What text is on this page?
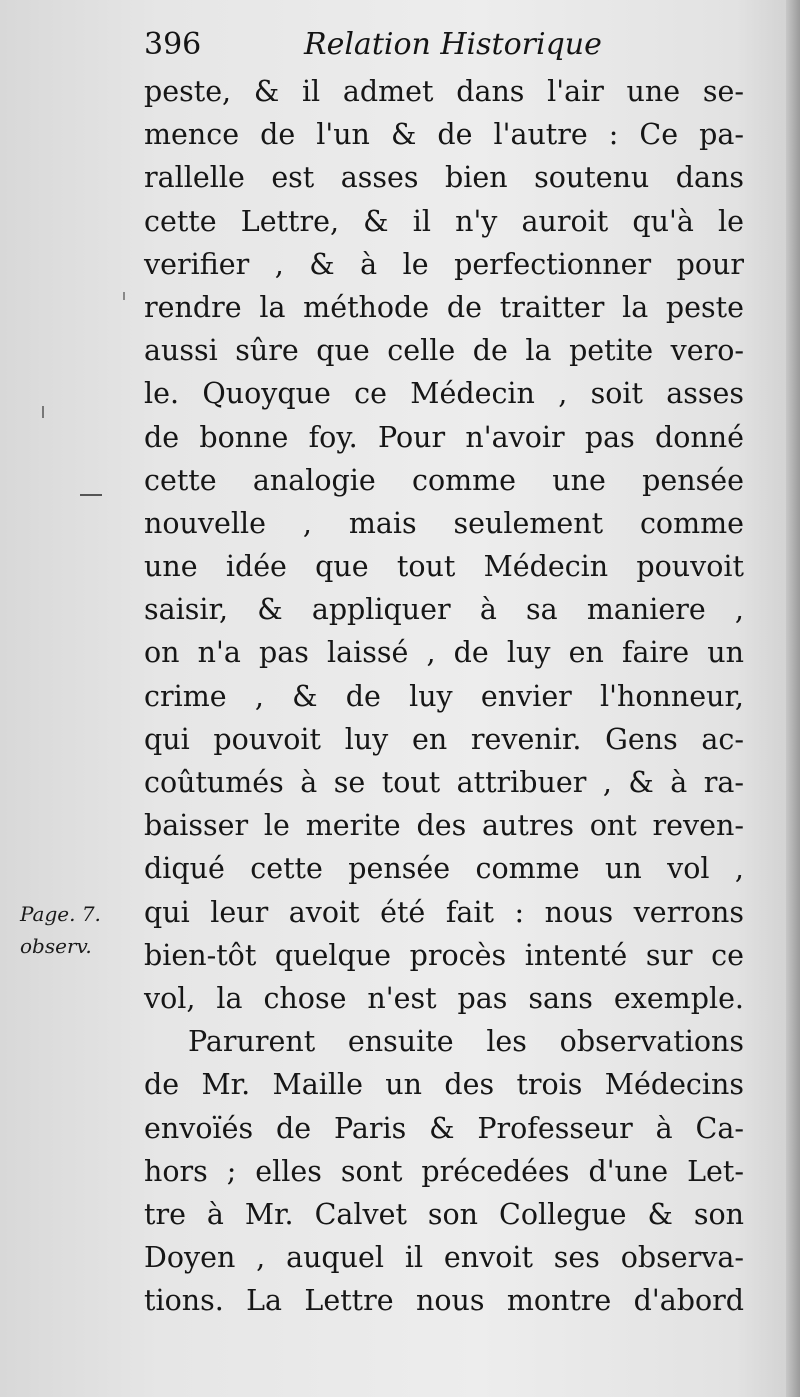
396	Relation Historique
Page. 7.
observ.
peste, & il admet dans l'air une se-
mence de l'un & de l'autre : Ce pa-
rallelle est asses bien soutenu dans
cette Lettre, & il n'y auroit qu'à le
verifier , & à le perfectionner pour
rendre la méthode de traitter la peste
aussi sûre que celle de la petite vero-
le. Quoyque ce Médecin , soit asses
de bonne foy. Pour n'avoir pas donné
cette analogie comme une pensée
nouvelle , mais seulement comme
une idée que tout Médecin pouvoit
saisir, & appliquer à sa maniere ,
on n'a pas laissé , de luy en faire un
crime , & de luy envier l'honneur,
qui pouvoit luy en revenir. Gens ac-
coûtumés à se tout attribuer , & à ra-
baisser le merite des autres ont reven-
diqué cette pensée comme un vol ,
qui leur avoit été fait : nous verrons
bien-tôt quelque procès intenté sur ce
vol, la chose n'est pas sans exemple.
Parurent ensuite les observations
de Mr. Maille un des trois Médecins
envoïés de Paris & Professeur à Ca-
hors ; elles sont précedées d'une Let-
tre à Mr. Calvet son Collegue & son
Doyen , auquel il envoit ses observa-
tions. La Lettre nous montre d'abord
